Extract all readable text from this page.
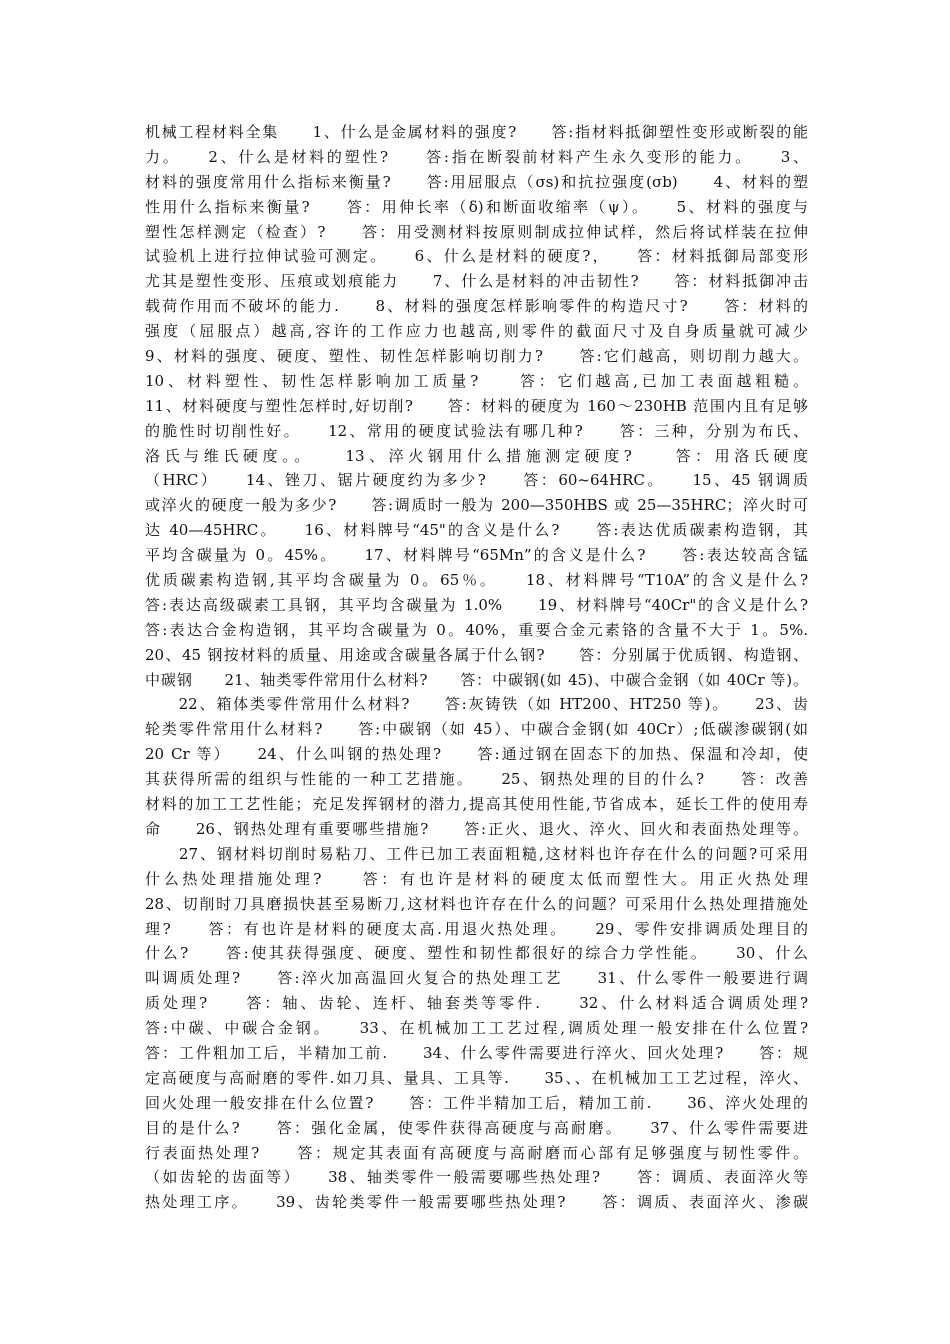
机械工程材料全集　　1、什么是金属材料的强度?　　答:指材料抵御塑性变形或断裂的能
力。　　2、什么是材料的塑性?　　答:指在断裂前材料产生永久变形的能力。　　3、
材料的强度常用什么指标来衡量?　　答:用屈服点（σs)和抗拉强度(σb)　　4、材料的塑
性用什么指标来衡量?　　答：用伸长率（δ)和断面收缩率（ψ）。　　5、材料的强度与
塑性怎样测定（检查）?　　答：用受测材料按原则制成拉伸试样，然后将试样装在拉伸
试验机上进行拉伸试验可测定。　　6、什么是材料的硬度?，　　答：材料抵御局部变形
尤其是塑性变形、压痕或划痕能力　　7、什么是材料的冲击韧性?　　答：材料抵御冲击
载荷作用而不破坏的能力.　　8、材料的强度怎样影响零件的构造尺寸?　　答：材料的
强度（屈服点）越高,容许的工作应力也越高,则零件的截面尺寸及自身质量就可减少
9、材料的强度、硬度、塑性、韧性怎样影响切削力?　　答:它们越高，则切削力越大。
10、材料塑性、韧性怎样影响加工质量?　　答：它们越高,已加工表面越粗糙。
11、材料硬度与塑性怎样时,好切削?　　答：材料的硬度为 160～230HB 范围内且有足够
的脆性时切削性好。　　12、常用的硬度试验法有哪几种?　　答：三种，分别为布氏、
洛氏与维氏硬度。。　　13、淬火钢用什么措施测定硬度?　　答：用洛氏硬度
（HRC）　　14、锉刀、锯片硬度约为多少?　　答：60~64HRC。　　15、45 钢调质
或淬火的硬度一般为多少?　　答:调质时一般为 200—350HBS 或 25—35HRC；淬火时可
达 40—45HRC。　　16、材料牌号“45"的含义是什么?　　答:表达优质碳素构造钢，其
平均含碳量为 0。45%。　　17、材料牌号“65Mn”的含义是什么?　　答:表达较高含锰
优质碳素构造钢,其平均含碳量为 0。65％。　　18、材料牌号“T10A”的含义是什么?
答:表达高级碳素工具钢，其平均含碳量为 1.0%　　19、材料牌号“40Cr"的含义是什么?
答:表达合金构造钢，其平均含碳量为 0。40%，重要合金元素铬的含量不大于 1。5%.
20、45 钢按材料的质量、用途或含碳量各属于什么钢?　　答：分别属于优质钢、构造钢、
中碳钢　　21、轴类零件常用什么材料?　　答：中碳钢(如 45)、中碳合金钢（如 40Cr 等)。
　　22、箱体类零件常用什么材料?　　答:灰铸铁（如 HT200、HT250 等)。　　23、齿
轮类零件常用什么材料?　　答:中碳钢（如 45）、中碳合金钢(如 40Cr）;低碳渗碳钢(如
20 Cr 等）　　24、什么叫钢的热处理?　　答:通过钢在固态下的加热、保温和冷却，使
其获得所需的组织与性能的一种工艺措施。　　25、钢热处理的目的什么?　　答：改善
材料的加工工艺性能；充足发挥钢材的潜力,提高其使用性能,节省成本，延长工件的使用寿
命　　26、钢热处理有重要哪些措施?　　答:正火、退火、淬火、回火和表面热处理等。
　　27、钢材料切削时易粘刀、工件已加工表面粗糙,这材料也许存在什么的问题?可采用
什么热处理措施处理?　　答：有也许是材料的硬度太低而塑性大。用正火热处理
28、切削时刀具磨损快甚至易断刀,这材料也许存在什么的问题？可采用什么热处理措施处
理?　　答：有也许是材料的硬度太高.用退火热处理。　　29、零件安排调质处理目的
什么?　　答:使其获得强度、硬度、塑性和韧性都很好的综合力学性能。　　30、什么
叫调质处理?　　答:淬火加高温回火复合的热处理工艺　　31、什么零件一般要进行调
质处理?　　答：轴、齿轮、连杆、轴套类等零件.　　32、什么材料适合调质处理?
答:中碳、中碳合金钢。　　33、在机械加工工艺过程,调质处理一般安排在什么位置?
答：工件粗加工后，半精加工前.　　34、什么零件需要进行淬火、回火处理?　　答：规
定高硬度与高耐磨的零件.如刀具、量具、工具等.　　35、、在机械加工工艺过程，淬火、
回火处理一般安排在什么位置?　　答：工件半精加工后，精加工前.　　36、淬火处理的
目的是什么?　　答：强化金属，使零件获得高硬度与高耐磨。　　37、什么零件需要进
行表面热处理?　　答：规定其表面有高硬度与高耐磨而心部有足够强度与韧性零件。
（如齿轮的齿面等）　　38、轴类零件一般需要哪些热处理?　　答：调质、表面淬火等
热处理工序。　　39、齿轮类零件一般需要哪些热处理?　　答：调质、表面淬火、渗碳
